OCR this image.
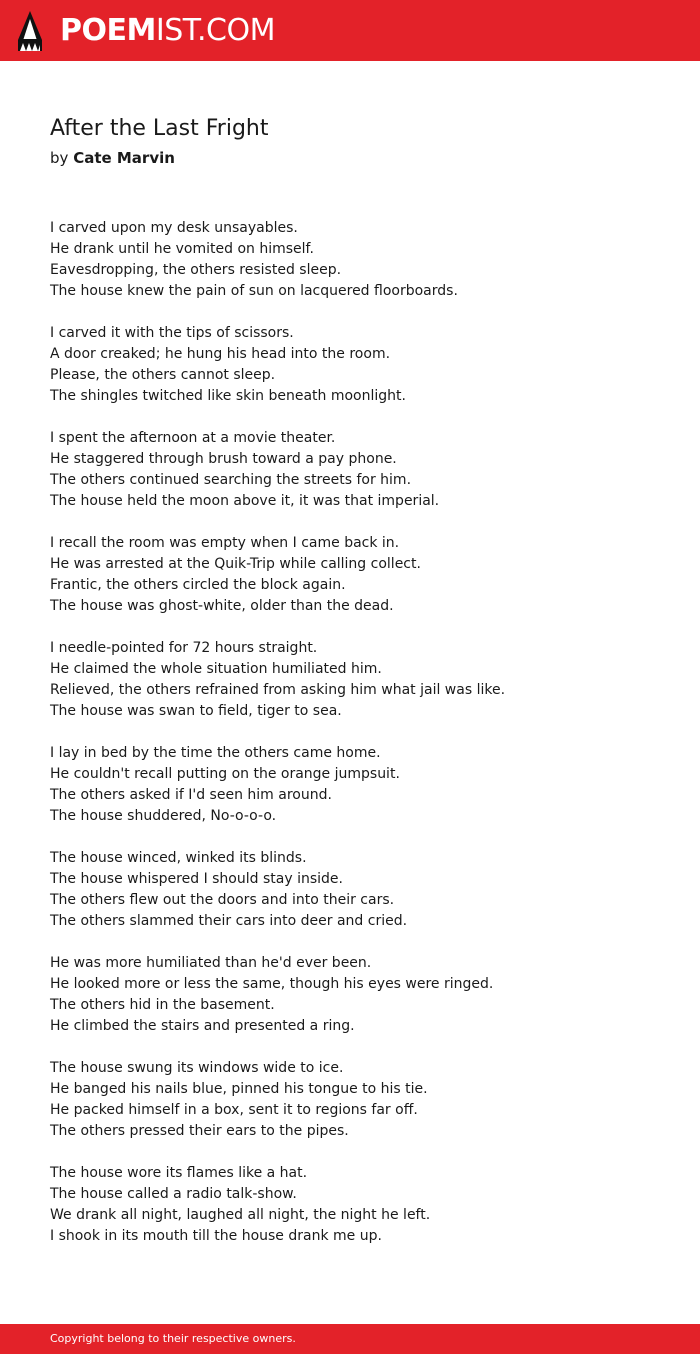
POEMIST.COM
After the Last Fright
by Cate Marvin
I carved upon my desk unsayables.
He drank until he vomited on himself.
Eavesdropping, the others resisted sleep.
The house knew the pain of sun on lacquered floorboards.
I carved it with the tips of scissors.
A door creaked; he hung his head into the room.
Please, the others cannot sleep.
The shingles twitched like skin beneath moonlight.
I spent the afternoon at a movie theater.
He staggered through brush toward a pay phone.
The others continued searching the streets for him.
The house held the moon above it, it was that imperial.
I recall the room was empty when I came back in.
He was arrested at the Quik-Trip while calling collect.
Frantic, the others circled the block again.
The house was ghost-white, older than the dead.
I needle-pointed for 72 hours straight.
He claimed the whole situation humiliated him.
Relieved, the others refrained from asking him what jail was like.
The house was swan to field, tiger to sea.
I lay in bed by the time the others came home.
He couldn't recall putting on the orange jumpsuit.
The others asked if I'd seen him around.
The house shuddered, No-o-o-o.
The house winced, winked its blinds.
The house whispered I should stay inside.
The others flew out the doors and into their cars.
The others slammed their cars into deer and cried.
He was more humiliated than he'd ever been.
He looked more or less the same, though his eyes were ringed.
The others hid in the basement.
He climbed the stairs and presented a ring.
The house swung its windows wide to ice.
He banged his nails blue, pinned his tongue to his tie.
He packed himself in a box, sent it to regions far off.
The others pressed their ears to the pipes.
The house wore its flames like a hat.
The house called a radio talk-show.
We drank all night, laughed all night, the night he left.
I shook in its mouth till the house drank me up.
Copyright belong to their respective owners.
